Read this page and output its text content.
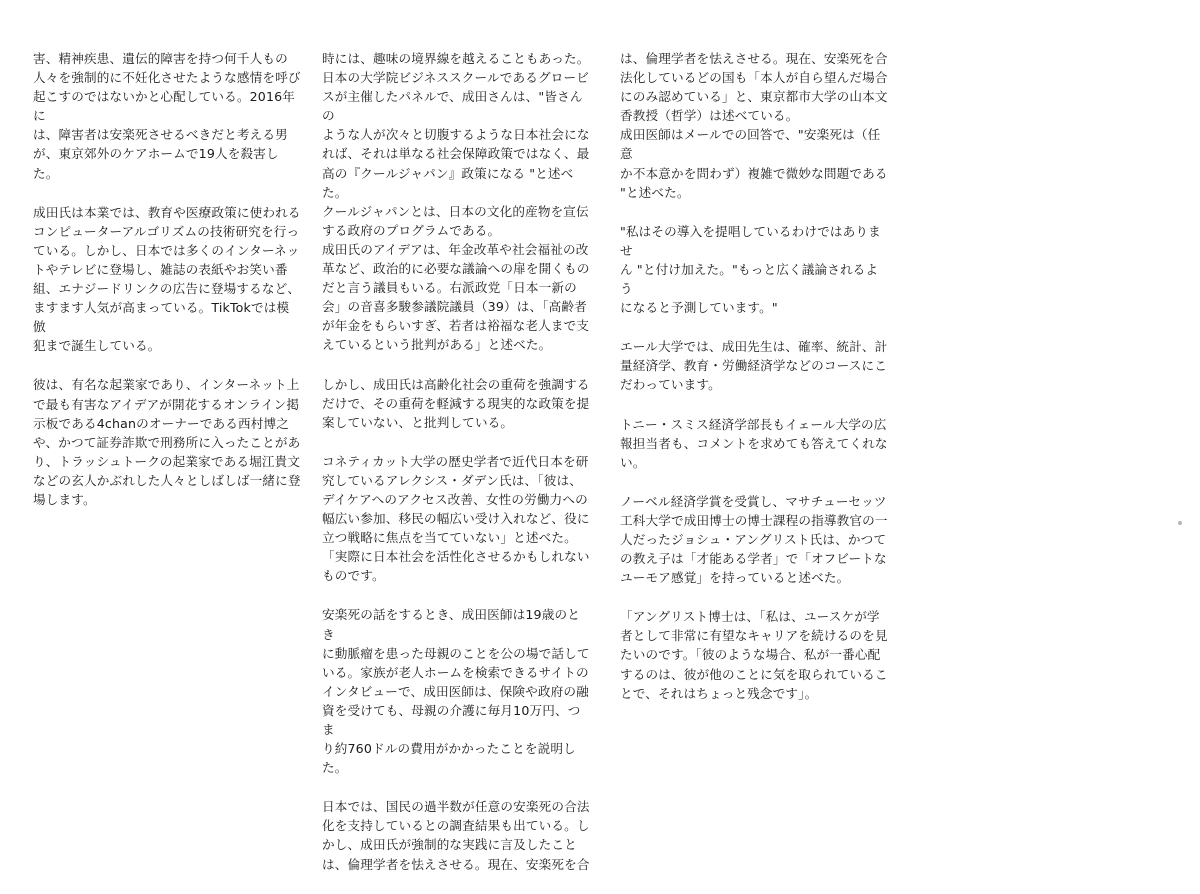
害、精神疾患、遺伝的障害を持つ何千人もの
人々を強制的に不妊化させたような感情を呼び
起こすのではないかと心配している。2016年に
は、障害者は安楽死させるべきだと考える男
が、東京郊外のケアホームで19人を殺害した。

成田氏は本業では、教育や医療政策に使われる
コンピューターアルゴリズムの技術研究を行っ
ている。しかし、日本では多くのインターネッ
トやテレビに登場し、雑誌の表紙やお笑い番
組、エナジードリンクの広告に登場するなど、
ますます人気が高まっている。TikTokでは模倣
犯まで誕生している。

彼は、有名な起業家であり、インターネット上
で最も有害なアイデアが開花するオンライン掲
示板である4chanのオーナーである西村博之
や、かつて証券詐欺で刑務所に入ったことがあ
り、トラッシュトークの起業家である堀江貴文
などの玄人かぶれした人々としばしば一緒に登
場します。

時には、趣味の境界線を越えることもあった。
日本の大学院ビジネススクールであるグロービ
スが主催したパネルで、成田さんは、"皆さんの
ような人が次々と切腹するような日本社会にな
れば、それは単なる社会保障政策ではなく、最
高の『クールジャパン』政策になる "と述べた。
クールジャパンとは、日本の文化的産物を宣伝
する政府のプログラムである。
成田氏のアイデアは、年金改革や社会福祉の改
革など、政治的に必要な議論への扉を開くもの
だと言う議員もいる。右派政党「日本一新の
会」の音喜多駿参議院議員（39）は、「高齢者
が年金をもらいすぎ、若者は裕福な老人まで支
えているという批判がある」と述べた。

しかし、成田氏は高齢化社会の重荷を強調する
だけで、その重荷を軽減する現実的な政策を提
案していない、と批判している。

コネティカット大学の歴史学者で近代日本を研
究しているアレクシス・ダデン氏は、「彼は、
デイケアへのアクセス改善、女性の労働力への
幅広い参加、移民の幅広い受け入れなど、役に
立つ戦略に焦点を当てていない」と述べた。
「実際に日本社会を活性化させるかもしれない
ものです。

安楽死の話をするとき、成田医師は19歳のとき
に動脈瘤を患った母親のことを公の場で話して
いる。家族が老人ホームを検索できるサイトの
インタビューで、成田医師は、保険や政府の融
資を受けても、母親の介護に毎月10万円、つま
り約760ドルの費用がかかったことを説明した。

日本では、国民の過半数が任意の安楽死の合法
化を支持しているとの調査結果も出ている。し
かし、成田氏が強制的な実践に言及したこと
は、倫理学者を怯えさせる。現在、安楽死を合

は、倫理学者を怯えさせる。現在、安楽死を合
法化しているどの国も「本人が自ら望んだ場合
にのみ認めている」と、東京都市大学の山本文
香教授（哲学）は述べている。
成田医師はメールでの回答で、"安楽死は（任意
か不本意かを問わず）複雑で微妙な問題である
"と述べた。

"私はその導入を提唱しているわけではありませ
ん "と付け加えた。"もっと広く議論されるよう
になると予測しています。"

エール大学では、成田先生は、確率、統計、計
量経済学、教育・労働経済学などのコースにこ
だわっています。

トニー・スミス経済学部長もイェール大学の広
報担当者も、コメントを求めても答えてくれな
い。

ノーベル経済学賞を受賞し、マサチューセッツ
工科大学で成田博士の博士課程の指導教官の一
人だったジョシュ・アングリスト氏は、かつて
の教え子は「才能ある学者」で「オフビートな
ユーモア感覚」を持っていると述べた。

「アングリスト博士は、「私は、ユースケが学
者として非常に有望なキャリアを続けるのを見
たいのです。「彼のような場合、私が一番心配
するのは、彼が他のことに気を取られているこ
とで、それはちょっと残念です」。
